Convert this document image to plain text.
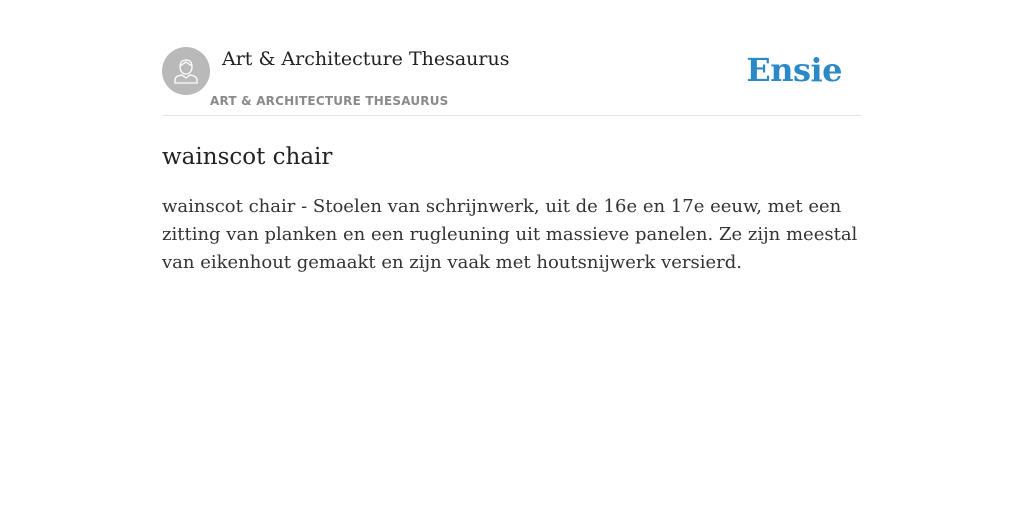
Art & Architecture Thesaurus
ART & ARCHITECTURE THESAURUS
Ensie
wainscot chair

wainscot chair - Stoelen van schrijnwerk, uit de 16e en 17e eeuw, met een zitting van planken en een rugleuning uit massieve panelen. Ze zijn meestal van eikenhout gemaakt en zijn vaak met houtsnijwerk versierd.
